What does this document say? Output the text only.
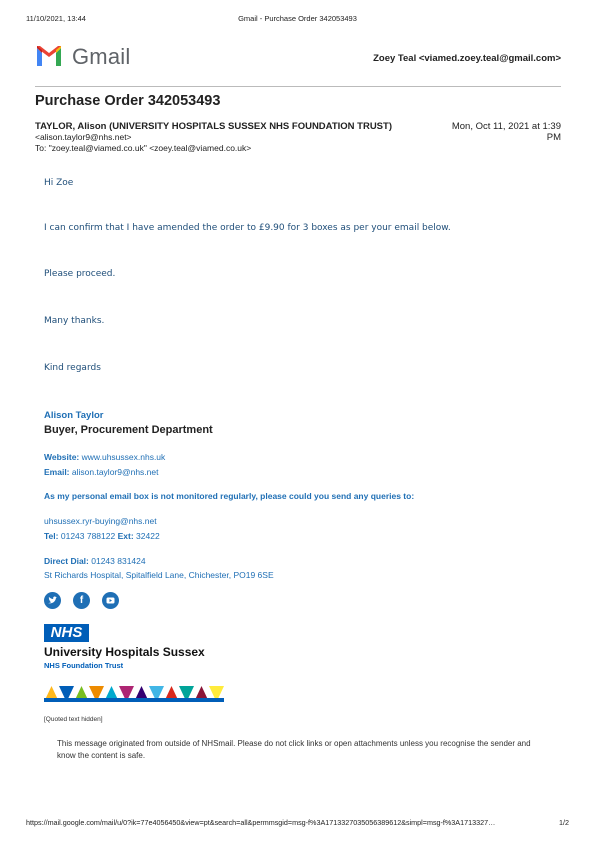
11/10/2021, 13:44	Gmail - Purchase Order 342053493
Gmail	Zoey Teal <viamed.zoey.teal@gmail.com>
Purchase Order 342053493
TAYLOR, Alison (UNIVERSITY HOSPITALS SUSSEX NHS FOUNDATION TRUST)
<alison.taylor9@nhs.net>
To: "zoey.teal@viamed.co.uk" <zoey.teal@viamed.co.uk>
Mon, Oct 11, 2021 at 1:39
PM
Hi Zoe
I can confirm that I have amended the order to £9.90 for 3 boxes as per your email below.
Please proceed.
Many thanks.
Kind regards
Alison Taylor
Buyer, Procurement Department
Website: www.uhsussex.nhs.uk
Email: alison.taylor9@nhs.net
As my personal email box is not monitored regularly, please could you send any queries to:
uhsussex.ryr-buying@nhs.net
Tel: 01243 788122 Ext: 32422
Direct Dial: 01243 831424
St Richards Hospital, Spitalfield Lane, Chichester, PO19 6SE
f
NHS
University Hospitals Sussex
NHS Foundation Trust
[Quoted text hidden]
This message originated from outside of NHSmail. Please do not click links or open attachments unless you recognise the sender and know the content is safe.
https://mail.google.com/mail/u/0?ik=77e4056450&view=pt&search=all&permmsgid=msg-f%3A1713327035056389612&simpl=msg-f%3A1713327…	1/2
